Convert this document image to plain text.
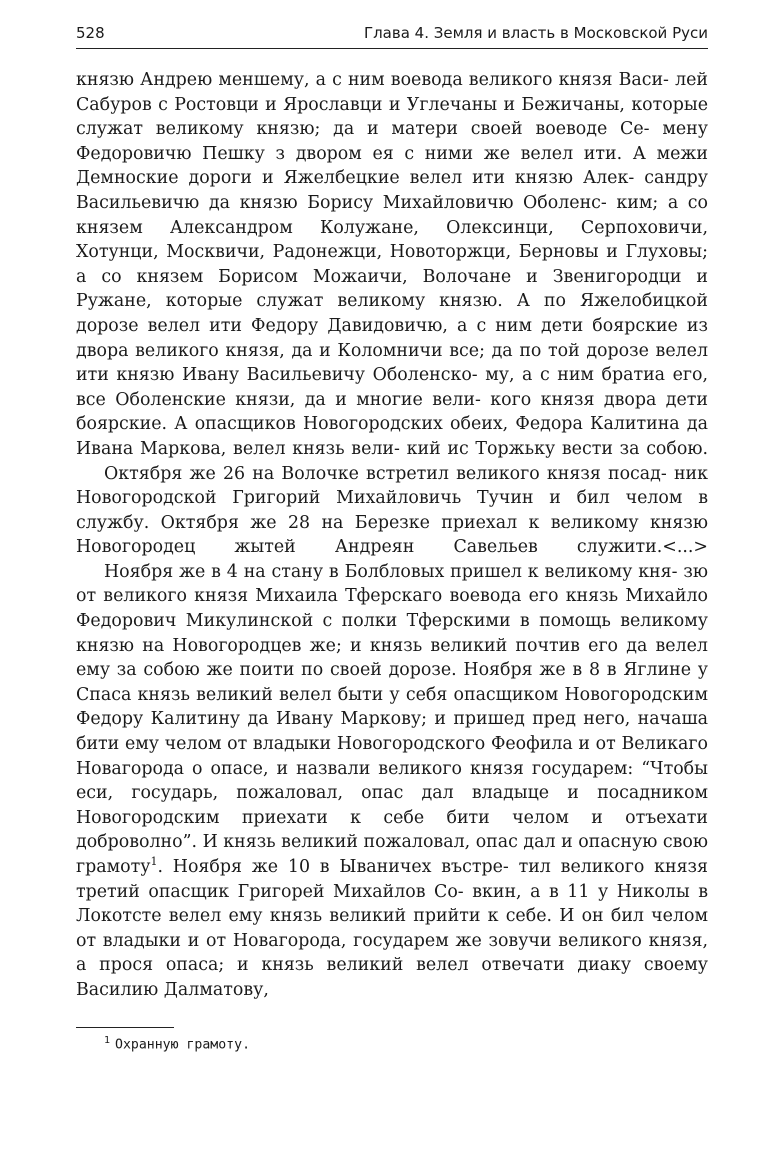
528	Глава 4. Земля и власть в Московской Руси

князю Андрею меншему, а с ним воевода великого князя Васи- лей Сабуров с Ростовци и Ярославци и Углечаны и Бежичаны, которые служат великому князю; да и матери своей воеводе Се- мену Федоровичю Пешку з двором ея с ними же велел ити. А межи Демноские дороги и Яжелбецкие велел ити князю Алек- сандру Васильевичю да князю Борису Михайловичю Оболенс- ким; а со князем Александром Колужане, Олексинци, Серпоховичи, Хотунци, Москвичи, Радонежци, Новоторжци, Берновы и Глуховы; а со князем Борисом Можаичи, Волочане и Звенигородци и Ружане, которые служат великому князю. А по Яжелобицкой дорозе велел ити Федору Давидовичю, а с ним дети боярские из двора великого князя, да и Коломничи все; да по той дорозе велел ити князю Ивану Васильевичу Оболенско- му, а с ним братиа его, все Оболенские князи, да и многие вели- кого князя двора дети боярские. А опасщиков Новогородских обеих, Федора Калитина да Ивана Маркова, велел князь вели- кий ис Торжьку вести за собою.

Октября же 26 на Волочке встретил великого князя посад- ник Новогородской Григорий Михайловичь Тучин и бил челом в службу. Октября же 28 на Березке приехал к великому князю Новогородец жытей Андреян Савельев служити.<...>

Ноября же в 4 на стану в Болбловых пришел к великому кня- зю от великого князя Михаила Тферскаго воевода его князь Михайло Федорович Микулинской с полки Тферскими в помощь великому князю на Новогородцев же; и князь великий почтив его да велел ему за собою же поити по своей дорозе. Ноября же в 8 в Яглине у Спаса князь великий велел быти у себя опасщиком Новогородским Федору Калитину да Ивану Маркову; и пришед пред него, начаша бити ему челом от владыки Новогородского Феофила и от Великаго Новагорода о опасе, и назвали великого князя государем: “Чтобы еси, государь, пожаловал, опас дал владыце и посадником Новогородским приехати к себе бити челом и отъехати доброволно”. И князь великий пожаловал, опас дал и опасную свою грамоту$^1$. Ноября же 10 в Ываничех въстре- тил великого князя третий опасщик Григорей Михайлов Со- вкин, а в 11 у Николы в Локотсте велел ему князь великий прийти к себе. И он бил челом от владыки и от Новагорода, государем же зовучи великого князя, а прося опаса; и князь великий велел отвечати диаку своему Василию Далматову,

$^1$ Охранную грамоту.
